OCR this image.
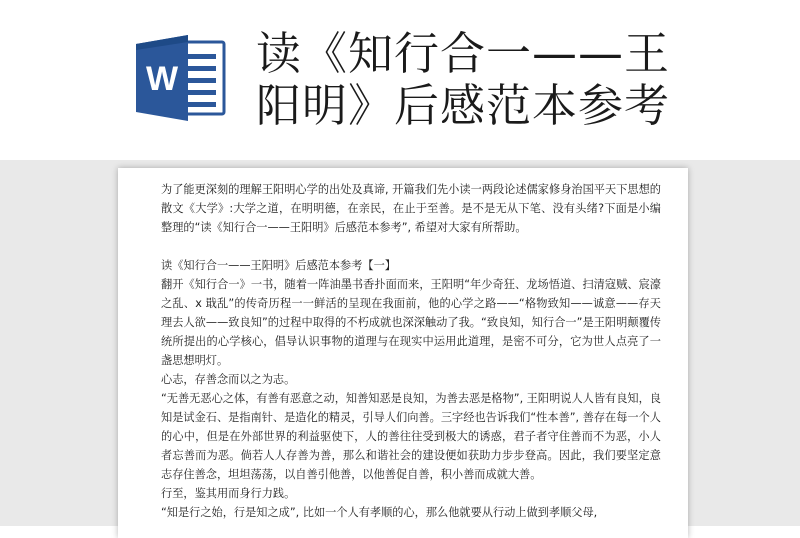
W 读《知行合一——王
阳明》后感范本参考

为了能更深刻的理解王阳明心学的出处及真谛, 开篇我们先小读一两段论述儒家修身治国平天下思想的散文《大学》:大学之道，在明明德，在亲民，在止于至善。是不是无从下笔、没有头绪?下面是小编整理的“读《知行合一——王阳明》后感范本参考”, 希望对大家有所帮助。

读《知行合一——王阳明》后感范本参考【一】

翻开《知行合一》一书，随着一阵油墨书香扑面而来，王阳明“年少奇狂、龙场悟道、扫清寇贼、宸濠之乱、x 戢乱”的传奇历程一一鲜活的呈现在我面前，他的心学之路——“格物致知——诚意——存天理去人欲——致良知”的过程中取得的不朽成就也深深触动了我。“致良知，知行合一”是王阳明颠覆传统所提出的心学核心，倡导认识事物的道理与在现实中运用此道理，是密不可分，它为世人点亮了一盏思想明灯。

心志，存善念而以之为志。

“无善无恶心之体，有善有恶意之动，知善知恶是良知，为善去恶是格物”, 王阳明说人人皆有良知，良知是试金石、是指南针、是造化的精灵，引导人们向善。三字经也告诉我们“性本善”, 善存在每一个人的心中，但是在外部世界的利益驱使下，人的善往往受到极大的诱惑，君子者守住善而不为恶，小人者忘善而为恶。倘若人人存善为善，那么和谐社会的建设便如获助力步步登高。因此，我们要坚定意志存住善念，坦坦荡荡，以自善引他善，以他善促自善，积小善而成就大善。

行至，鉴其用而身行力践。

“知是行之始，行是知之成”, 比如一个人有孝顺的心，那么他就要从行动上做到孝顺父母,
